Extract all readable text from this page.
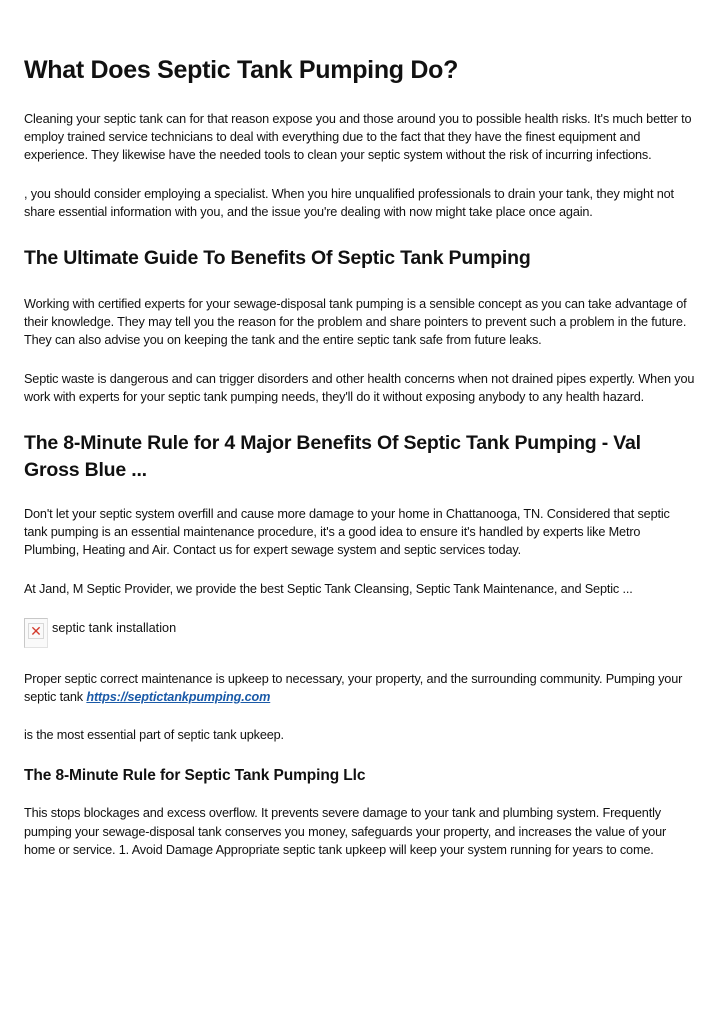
What Does Septic Tank Pumping Do?

Cleaning your septic tank can for that reason expose you and those around you to possible health risks. It's much better to employ trained service technicians to deal with everything due to the fact that they have the finest equipment and experience. They likewise have the needed tools to clean your septic system without the risk of incurring infections.

, you should consider employing a specialist. When you hire unqualified professionals to drain your tank, they might not share essential information with you, and the issue you're dealing with now might take place once again.

The Ultimate Guide To Benefits Of Septic Tank Pumping

Working with certified experts for your sewage-disposal tank pumping is a sensible concept as you can take advantage of their knowledge. They may tell you the reason for the problem and share pointers to prevent such a problem in the future. They can also advise you on keeping the tank and the entire septic tank safe from future leaks.

Septic waste is dangerous and can trigger disorders and other health concerns when not drained pipes expertly. When you work with experts for your septic tank pumping needs, they'll do it without exposing anybody to any health hazard.

The 8-Minute Rule for 4 Major Benefits Of Septic Tank Pumping - Val Gross Blue ...

Don't let your septic system overfill and cause more damage to your home in Chattanooga, TN. Considered that septic tank pumping is an essential maintenance procedure, it's a good idea to ensure it's handled by experts like Metro Plumbing, Heating and Air. Contact us for expert sewage system and septic services today.

At Jand, M Septic Provider, we provide the best Septic Tank Cleansing, Septic Tank Maintenance, and Septic ...

✕ septic tank installation

Proper septic correct maintenance is upkeep to necessary, your property, and the surrounding community. Pumping your septic tank https://septictankpumping.com

is the most essential part of septic tank upkeep.

The 8-Minute Rule for Septic Tank Pumping Llc

This stops blockages and excess overflow. It prevents severe damage to your tank and plumbing system. Frequently pumping your sewage-disposal tank conserves you money, safeguards your property, and increases the value of your home or service. 1. Avoid Damage Appropriate septic tank upkeep will keep your system running for years to come.
